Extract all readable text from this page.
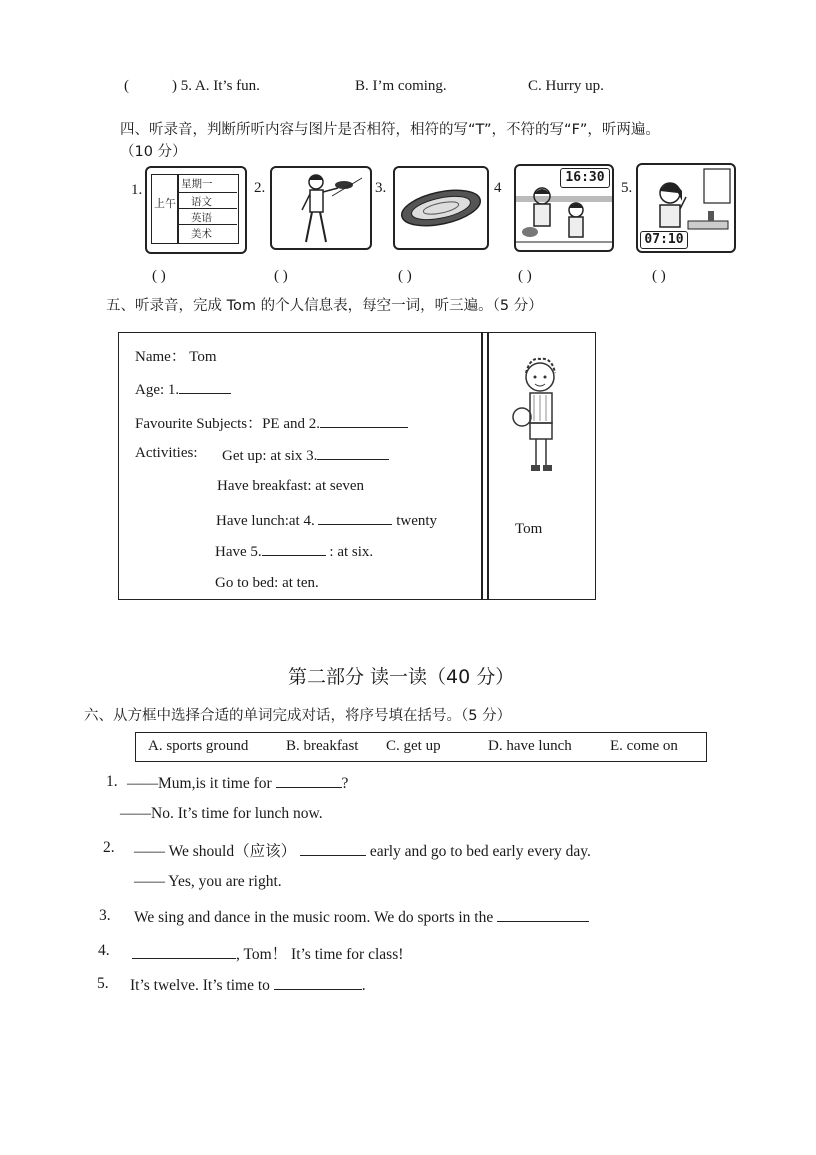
(	) 5. A. It’s fun.	B. I’m coming.	C. Hurry up.
四、听录音，判断所听内容与图片是否相符，相符的写“T”，不符的写“F”，听两遍。
（10 分）
1.	2.	3.	4	5.
上午
星期一
语文
英语
美术
16:30
07:10
( )	( )	( )	( )	( )
五、听录音，完成 Tom 的个人信息表，每空一词，听三遍。（5 分）
Name： Tom
Age: 1.
Favourite Subjects：PE and 2.
Activities: Get up: at six 3.
Have breakfast: at seven
Have lunch:at 4.	twenty
Have 5.	: at six.
Go to bed: at ten.
Tom
第二部分 读一读（40 分）
六、从方框中选择合适的单词完成对话，将序号填在括号。（5 分）
A. sports ground	B. breakfast C. get up	D. have lunch	E. come on
1. ——Mum,is it time for	?
——No. It’s time for lunch now.
2. —— We should（应该）	early and go to bed early every day.
—— Yes, you are right.
3. We sing and dance in the music room. We do sports in the
4.	, Tom！ It’s time for class!
5. It’s twelve. It’s time to	.
